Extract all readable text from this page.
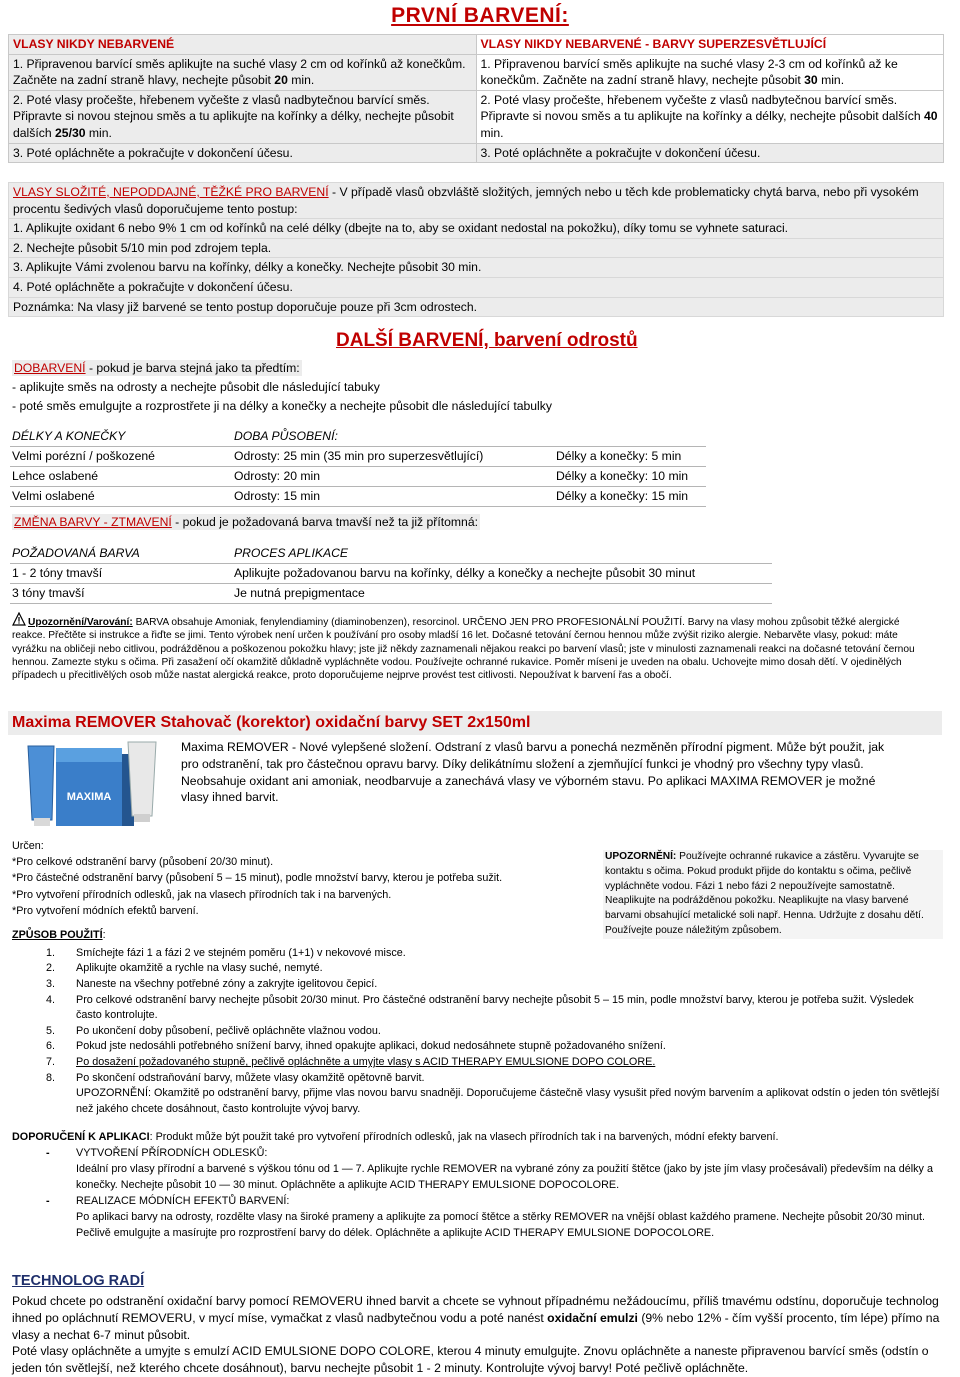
PRVNÍ BARVENÍ:
VLASY NIKDY NEBARVENÉ	VLASY NIKDY NEBARVENÉ - BARVY SUPERZESVĚTLUJÍCÍ
1. Připravenou barvící směs aplikujte na suché vlasy 2 cm od kořínků až konečkům. Začněte na zadní straně hlavy, nechejte působit 20 min.	1. Připravenou barvící směs aplikujte na suché vlasy 2-3 cm od kořínků až ke konečkům. Začněte na zadní straně hlavy, nechejte působit 30 min.
2. Poté vlasy pročešte, hřebenem vyčešte z vlasů nadbytečnou barvící směs. Připravte si novou stejnou směs a tu aplikujte na kořínky a délky, nechejte působit dalších 25/30 min.	2. Poté vlasy pročešte, hřebenem vyčešte z vlasů nadbytečnou barvící směs. Připravte si novou směs a tu aplikujte na kořínky a délky, nechejte působit dalších 40 min.
3. Poté opláchněte a pokračujte v dokončení účesu.	3. Poté opláchněte a pokračujte v dokončení účesu.
VLASY SLOŽITÉ, NEPODDAJNÉ, TĚŽKÉ PRO BARVENÍ - V případě vlasů obzvláště složitých, jemných nebo u těch kde problematicky chytá barva, nebo při vysokém procentu šedivých vlasů doporučujeme tento postup:
1. Aplikujte oxidant 6 nebo 9% 1 cm od kořínků na celé délky (dbejte na to, aby se oxidant nedostal na pokožku), díky tomu se vyhnete saturaci.
2. Nechejte působit 5/10 min pod zdrojem tepla.
3. Aplikujte Vámi zvolenou barvu na kořínky, délky a konečky. Nechejte působit 30 min.
4. Poté opláchněte a pokračujte v dokončení účesu.
Poznámka: Na vlasy již barvené se tento postup doporučuje pouze při 3cm odrostech.
DALŠÍ BARVENÍ, barvení odrostů
DOBARVENÍ - pokud je barva stejná jako ta předtím:
- aplikujte směs na odrosty a nechejte působit dle následující tabuky
- poté směs emulgujte a rozprostřete ji na délky a konečky a nechejte působit dle následující tabulky
DÉLKY A KONEČKY	DOBA PŮSOBENÍ:	
Velmi porézní / poškozené	Odrosty: 25 min (35 min pro superzesvětlující)	Délky a konečky: 5 min
Lehce oslabené	Odrosty: 20 min	Délky a konečky: 10 min
Velmi oslabené	Odrosty: 15 min	Délky a konečky: 15 min
ZMĚNA BARVY - ZTMAVENÍ - pokud je požadovaná barva tmavší než ta již přítomná:
POŽADOVANÁ BARVA	PROCES APLIKACE
1 - 2 tóny tmavší	Aplikujte požadovanou barvu na kořínky, délky a konečky a nechejte působit 30 minut
3 tóny tmavší	Je nutná prepigmentace
Upozornění/Varování: BARVA obsahuje Amoniak, fenylendiaminy (diaminobenzen), resorcinol. URČENO JEN PRO PROFESIONÁLNÍ POUŽITÍ. Barvy na vlasy mohou způsobit těžké alergické reakce. Přečtěte si instrukce a řiďte se jimi. Tento výrobek není určen k používání pro osoby mladší 16 let. Dočasné tetování černou hennou může zvýšit riziko alergie. Nebarvěte vlasy, pokud: máte vyrážku na obličeji nebo citlivou, podrážděnou a poškozenou pokožku hlavy; jste již někdy zaznamenali nějakou reakci po barvení vlasů; jste v minulosti zaznamenali reakci na dočasné tetování černou hennou. Zamezte styku s očima. Při zasažení očí okamžitě důkladně vypláchněte vodou. Používejte ochranné rukavice. Poměr míseni je uveden na obalu. Uchovejte mimo dosah dětí. V ojedinělých případech u přecitlivělých osob může nastat alergická reakce, proto doporučujeme nejprve provést test citlivosti. Nepoužívat k barvení řas a obočí.
Maxima REMOVER Stahovač (korektor) oxidační barvy SET 2x150ml
MAXIMA
Maxima REMOVER - Nové vylepšené složení. Odstraní z vlasů barvu a ponechá nezměněn přírodní pigment. Může být použit, jak pro odstranění, tak pro částečnou opravu barvy. Díky delikátnímu složení a zjemňující funkci je vhodný pro všechny typy vlasů. Neobsahuje oxidant ani amoniak, neodbarvuje a zanechává vlasy ve výborném stavu. Po aplikaci MAXIMA REMOVER je možné vlasy ihned barvit.
Určen:
*Pro celkové odstranění barvy (působení 20/30 minut).
*Pro částečné odstranění barvy (působení 5 – 15 minut), podle množství barvy, kterou je potřeba sužit.
*Pro vytvoření přírodních odlesků, jak na vlasech přírodních tak i na barvených.
*Pro vytvoření módních efektů barvení.
UPOZORNĚNÍ: Používejte ochranné rukavice a zástěru. Vyvarujte se kontaktu s očima. Pokud produkt přijde do kontaktu s očima, pečlivě vypláchněte vodou. Fázi 1 nebo fázi 2 nepoužívejte samostatně. Neaplikujte na podrážděnou pokožku. Neaplikujte na vlasy barvené barvami obsahující metalické soli např. Henna. Udržujte z dosahu dětí. Používejte pouze náležitým způsobem.
ZPŮSOB POUŽITÍ:
1. Smíchejte fázi 1 a fázi 2 ve stejném poměru (1+1) v nekovové misce.
2. Aplikujte okamžitě a rychle na vlasy suché, nemyté.
3. Naneste na všechny potřebné zóny a zakryjte igelitovou čepicí.
4. Pro celkové odstranění barvy nechejte působit 20/30 minut. Pro částečné odstranění barvy nechejte působit 5 – 15 min, podle množství barvy, kterou je potřeba sužit. Výsledek často kontrolujte.
5. Po ukončení doby působení, pečlivě opláchněte vlažnou vodou.
6. Pokud jste nedosáhli potřebného snížení barvy, ihned opakujte aplikaci, dokud nedosáhnete stupně požadovaného snížení.
7. Po dosažení požadovaného stupně, pečlivě opláchněte a umyjte vlasy s ACID THERAPY EMULSIONE DOPO COLORE.
8. Po skončení odstraňování barvy, můžete vlasy okamžitě opětovně barvit.
UPOZORNĚNÍ: Okamžitě po odstranění barvy, přijme vlas novou barvu snadněji. Doporučujeme částečně vlasy vysušit před novým barvením a aplikovat odstín o jeden tón světlejší než jakého chcete dosáhnout, často kontrolujte vývoj barvy.
DOPORUČENÍ K APLIKACI: Produkt může být použit také pro vytvoření přírodních odlesků, jak na vlasech přírodních tak i na barvených, módní efekty barvení.
- VYTVOŘENÍ PŘÍRODNÍCH ODLESKŮ:
Ideální pro vlasy přírodní a barvené s výškou tónu od 1 — 7. Aplikujte rychle REMOVER na vybrané zóny za použití štětce (jako by jste jím vlasy pročesávali) především na délky a konečky. Nechejte působit 10 — 30 minut. Opláchněte a aplikujte ACID THERAPY EMULSIONE DOPOCOLORE.
- REALIZACE MÓDNÍCH EFEKTŮ BARVENÍ:
Po aplikaci barvy na odrosty, rozdělte vlasy na široké prameny a aplikujte za pomocí štětce a stěrky REMOVER na vnější oblast každého pramene. Nechejte působit 20/30 minut. Pečlivě emulgujte a masírujte pro rozprostření barvy do délek. Opláchněte a aplikujte ACID THERAPY EMULSIONE DOPOCOLORE.
TECHNOLOG RADÍ
Pokud chcete po odstranění oxidační barvy pomocí REMOVERU ihned barvit a chcete se vyhnout případnému nežádoucímu, příliš tmavému odstínu, doporučuje technolog ihned po opláchnutí REMOVERU, v mycí míse, vymačkat z vlasů nadbytečnou vodu a poté nanést oxidační emulzi (9% nebo 12% - čím vyšší procento, tím lépe) přímo na vlasy a nechat 6-7 minut působit.
Poté vlasy opláchněte a umyjte s emulzí ACID EMULSIONE DOPO COLORE, kterou 4 minuty emulgujte. Znovu opláchněte a naneste připravenou barvící směs (odstín o jeden tón světlejší, než kterého chcete dosáhnout), barvu nechejte působit 1 - 2 minuty. Kontrolujte vývoj barvy! Poté pečlivě opláchněte.
